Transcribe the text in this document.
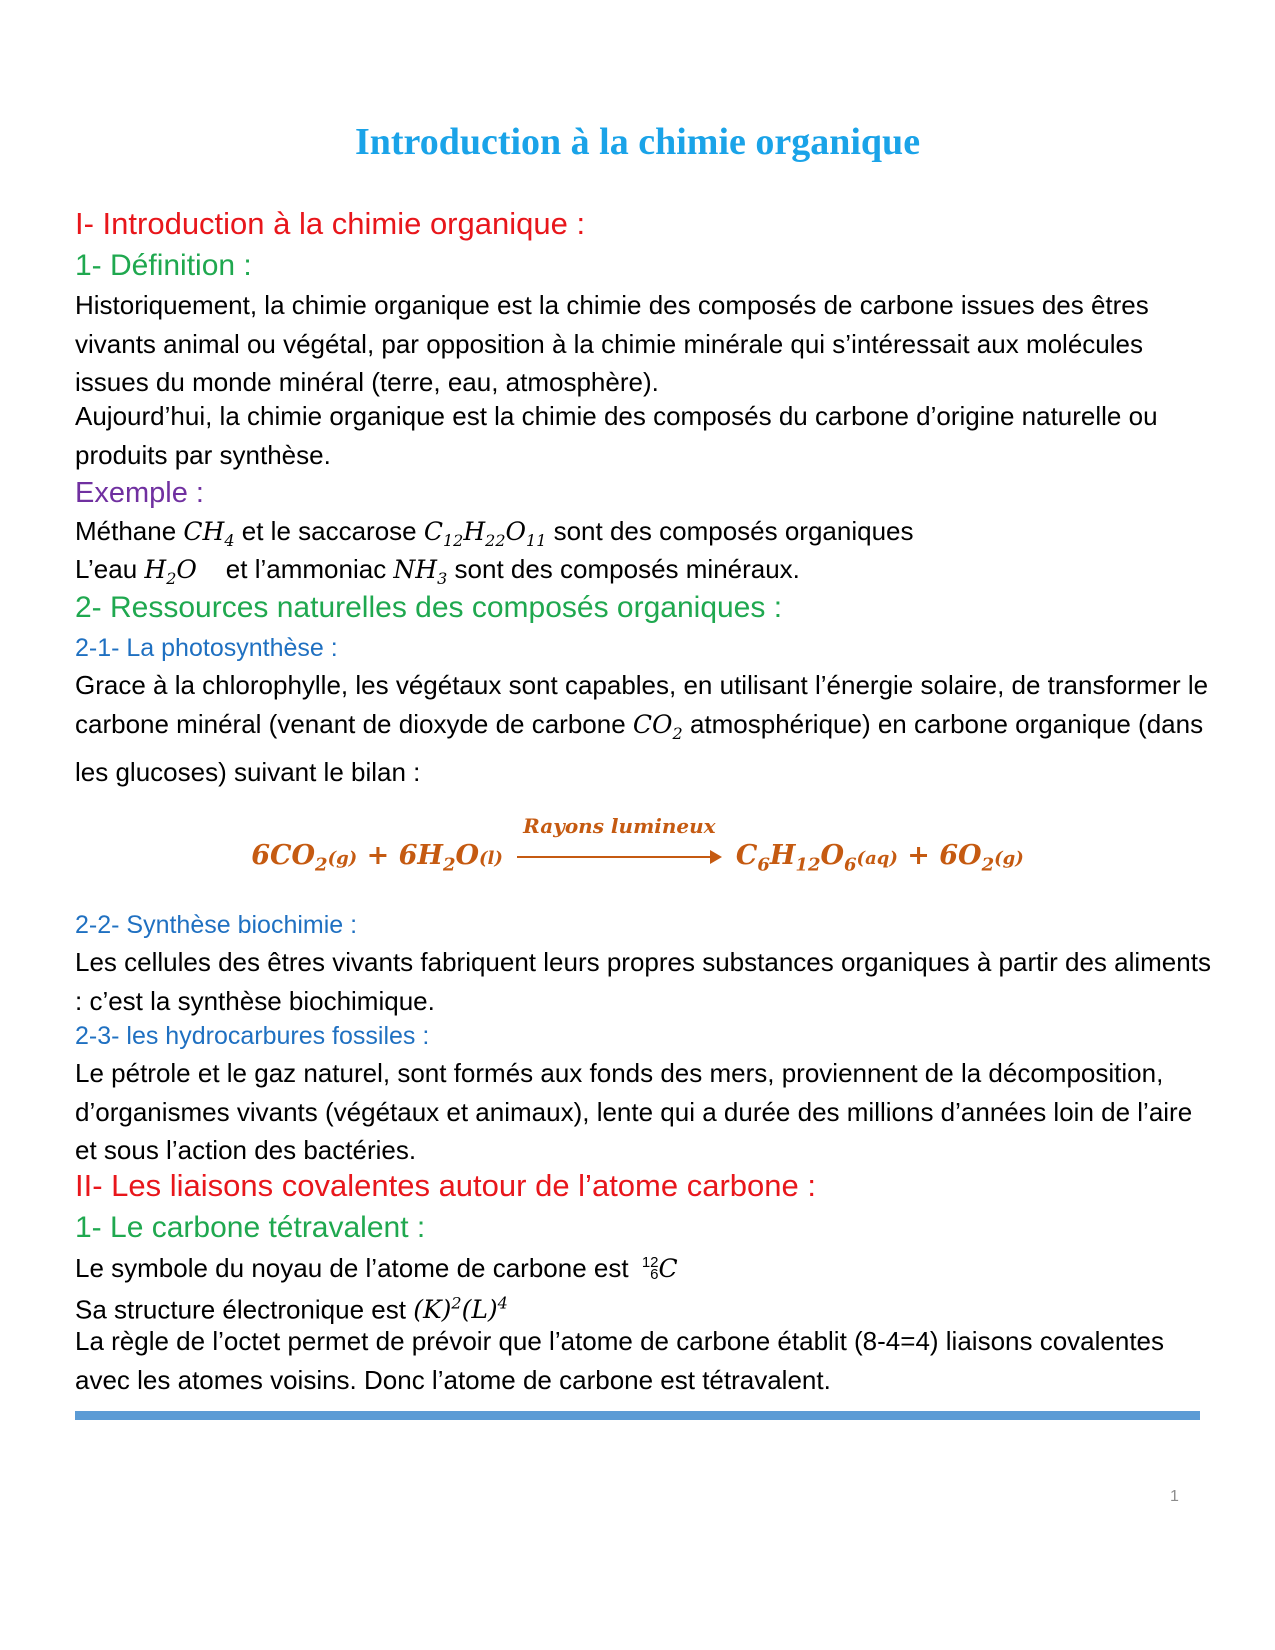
Introduction à la chimie organique
I- Introduction à la chimie organique :
1- Définition :
Historiquement, la chimie organique est la chimie des composés de carbone issues des êtres vivants animal ou végétal, par opposition à la chimie minérale qui s’intéressait aux molécules issues du monde minéral (terre, eau, atmosphère).
Aujourd’hui, la chimie organique est la chimie des composés du carbone d’origine naturelle ou produits par synthèse.
Exemple :
Méthane $CH_4$ et le saccarose $C_{12}H_{22}O_{11}$ sont des composés organiques
L’eau $H_2O$    et l’ammoniac $NH_3$ sont des composés minéraux.
2- Ressources naturelles des composés organiques :
2-1- La photosynthèse :
Grace à la chlorophylle, les végétaux sont capables, en utilisant l’énergie solaire, de transformer le carbone minéral (venant de dioxyde de carbone $CO_2$ atmosphérique) en carbone organique (dans les glucoses) suivant le bilan :
$6CO_2(g) + 6H_2O(l)$
Rayons lumineux
$C_6H_{12}O_6(aq) + 6O_2(g)$
2-2- Synthèse biochimie :
Les cellules des êtres vivants fabriquent leurs propres substances organiques à partir des aliments : c’est la synthèse biochimique.
2-3- les hydrocarbures fossiles :
Le pétrole et le gaz naturel, sont formés aux fonds des mers, proviennent de la décomposition, d’organismes vivants (végétaux et animaux), lente qui a durée des millions d’années loin de l’aire et sous l’action des bactéries.
II- Les liaisons covalentes autour de l’atome carbone :
1- Le carbone tétravalent :
Le symbole du noyau de l’atome de carbone est 12
6 C
Sa structure électronique est $(K)^2(L)^4$
La règle de l’octet permet de prévoir que l’atome de carbone établit (8-4=4) liaisons covalentes avec les atomes voisins. Donc l’atome de carbone est tétravalent.
1
